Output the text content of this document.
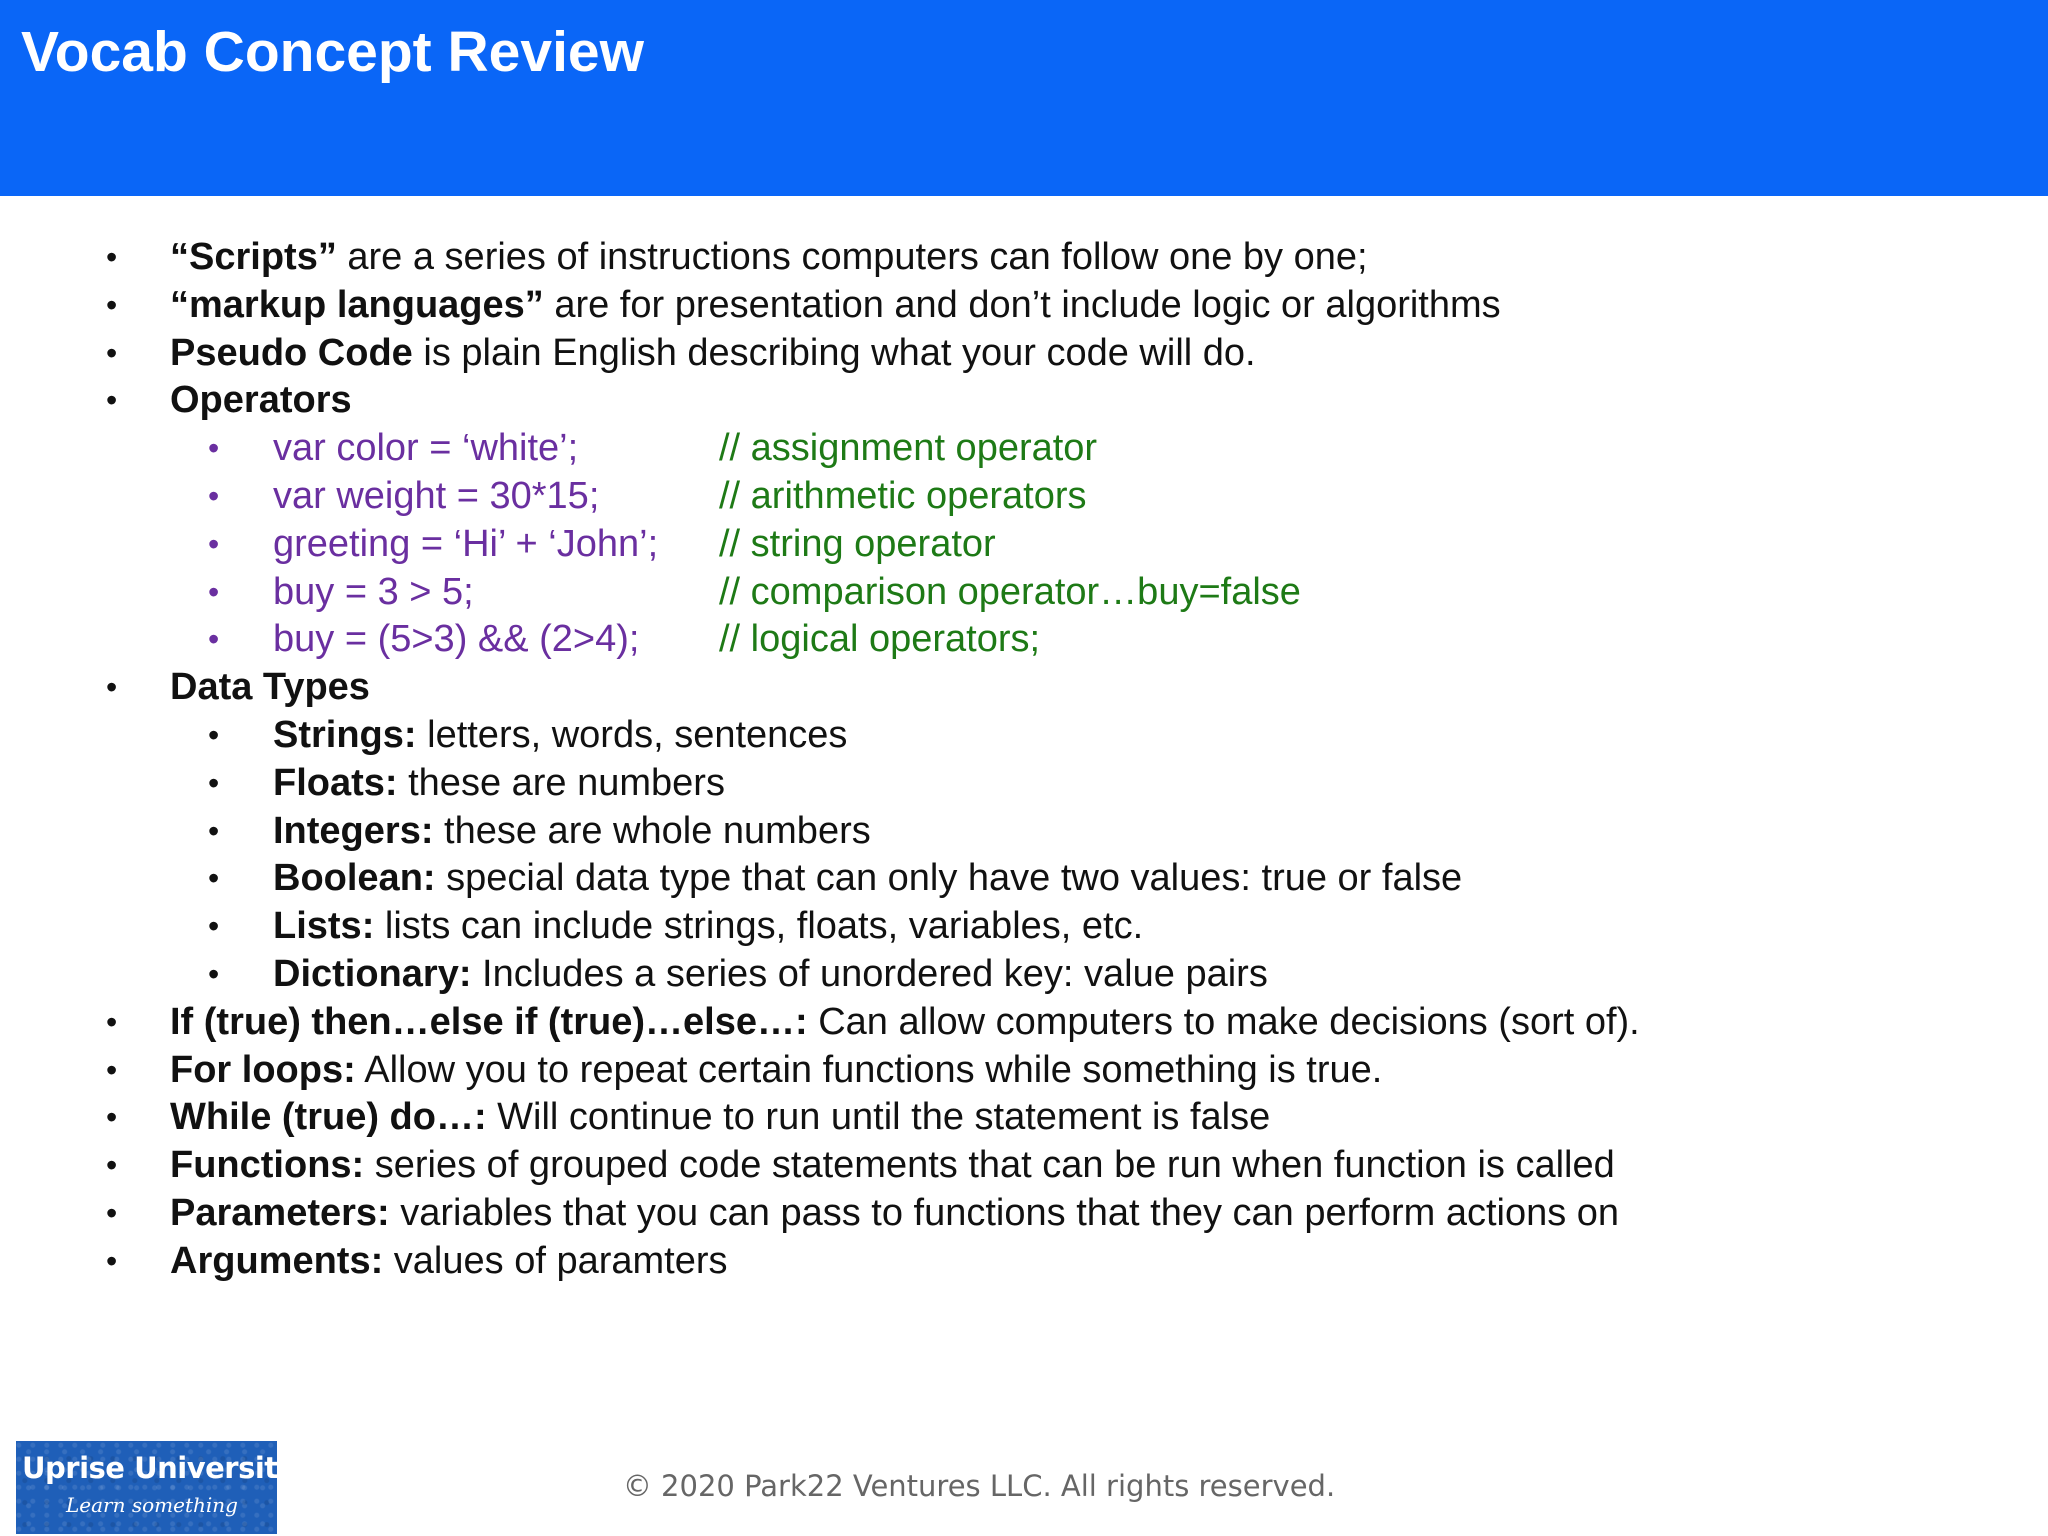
Vocab Concept Review
• “Scripts” are a series of instructions computers can follow one by one;
• “markup languages” are for presentation and don’t include logic or algorithms
• Pseudo Code is plain English describing what your code will do.
• Operators
• var color = ‘white’;	// assignment operator
• var weight = 30*15;	// arithmetic operators
• greeting = ‘Hi’ + ‘John’; // string operator
• buy = 3 > 5;	// comparison operator…buy=false
• buy = (5>3) && (2>4); // logical operators;
• Data Types
• Strings: letters, words, sentences
• Floats: these are numbers
• Integers: these are whole numbers
• Boolean: special data type that can only have two values: true or false
• Lists: lists can include strings, floats, variables, etc.
• Dictionary: Includes a series of unordered key: value pairs
• If (true) then…else if (true)…else…: Can allow computers to make decisions (sort of).
• For loops: Allow you to repeat certain functions while something is true.
• While (true) do…: Will continue to run until the statement is false
• Functions: series of grouped code statements that can be run when function is called
• Parameters: variables that you can pass to functions that they can perform actions on
• Arguments: values of paramters
Uprise University
Learn something
© 2020 Park22 Ventures LLC. All rights reserved.
